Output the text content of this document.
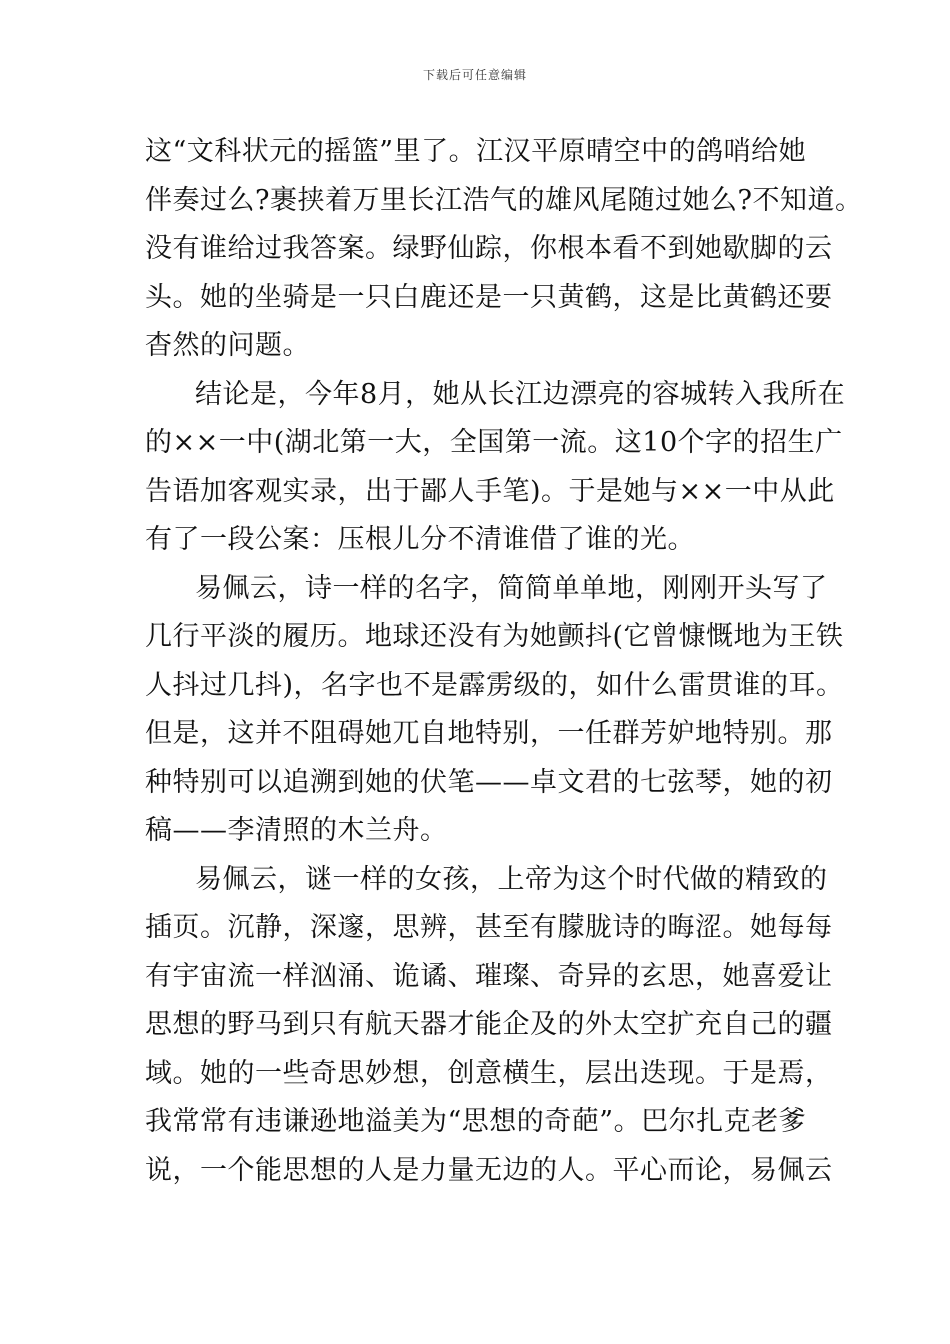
下载后可任意编辑
这“文科状元的摇篮”里了。江汉平原晴空中的鸽哨给她
伴奏过么?裹挟着万里长江浩气的雄风尾随过她么?不知道。
没有谁给过我答案。绿野仙踪，你根本看不到她歇脚的云
头。她的坐骑是一只白鹿还是一只黄鹤，这是比黄鹤还要
杳然的问题。
结论是，今年8月，她从长江边漂亮的容城转入我所在
的××一中(湖北第一大，全国第一流。这10个字的招生广
告语加客观实录，出于鄙人手笔)。于是她与××一中从此
有了一段公案：压根儿分不清谁借了谁的光。
易佩云，诗一样的名字，简简单单地，刚刚开头写了
几行平淡的履历。地球还没有为她颤抖(它曾慷慨地为王铁
人抖过几抖)，名字也不是霹雳级的，如什么雷贯谁的耳。
但是，这并不阻碍她兀自地特别，一任群芳妒地特别。那
种特别可以追溯到她的伏笔——卓文君的七弦琴，她的初
稿——李清照的木兰舟。
易佩云，谜一样的女孩，上帝为这个时代做的精致的
插页。沉静，深邃，思辨，甚至有朦胧诗的晦涩。她每每
有宇宙流一样汹涌、诡谲、璀璨、奇异的玄思，她喜爱让
思想的野马到只有航天器才能企及的外太空扩充自己的疆
域。她的一些奇思妙想，创意横生，层出迭现。于是焉，
我常常有违谦逊地溢美为“思想的奇葩”。巴尔扎克老爹
说，一个能思想的人是力量无边的人。平心而论，易佩云
